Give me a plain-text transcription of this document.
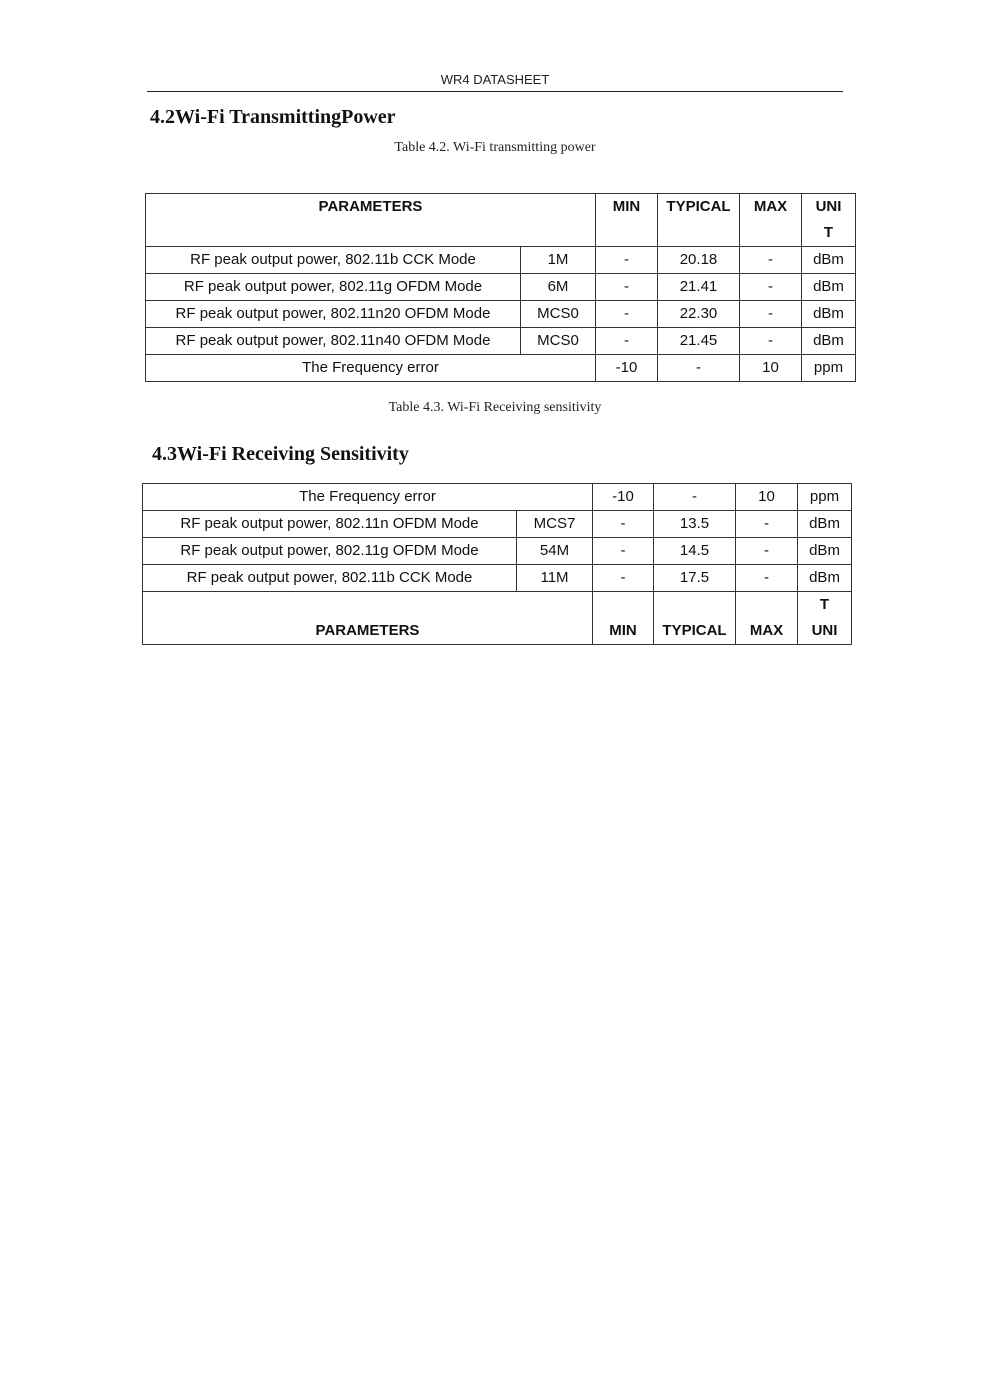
WR4 DATASHEET
4.2Wi-Fi TransmittingPower
Table 4.2. Wi-Fi transmitting power
PARAMETERS		MIN	TYPICAL	MAX	UNI
T

RF peak output power, 802.11b CCK Mode	1M	-	20.18	-	dBm
RF peak output power, 802.11g OFDM Mode	6M	-	21.41	-	dBm
RF peak output power, 802.11n20 OFDM Mode	MCS0	-	22.30	-	dBm
RF peak output power, 802.11n40 OFDM Mode	MCS0	-	21.45	-	dBm
The Frequency error		-10	-	10	ppm
Table 4.3. Wi-Fi Receiving sensitivity
4.3Wi-Fi Receiving Sensitivity
The Frequency error		-10	-	10	ppm
RF peak output power, 802.11n OFDM Mode	MCS7	-	13.5	-	dBm
RF peak output power, 802.11g OFDM Mode	54M	-	14.5	-	dBm
RF peak output power, 802.11b CCK Mode	11M	-	17.5	-	dBm
PARAMETERS		MIN	TYPICAL	MAX	T
UNI
